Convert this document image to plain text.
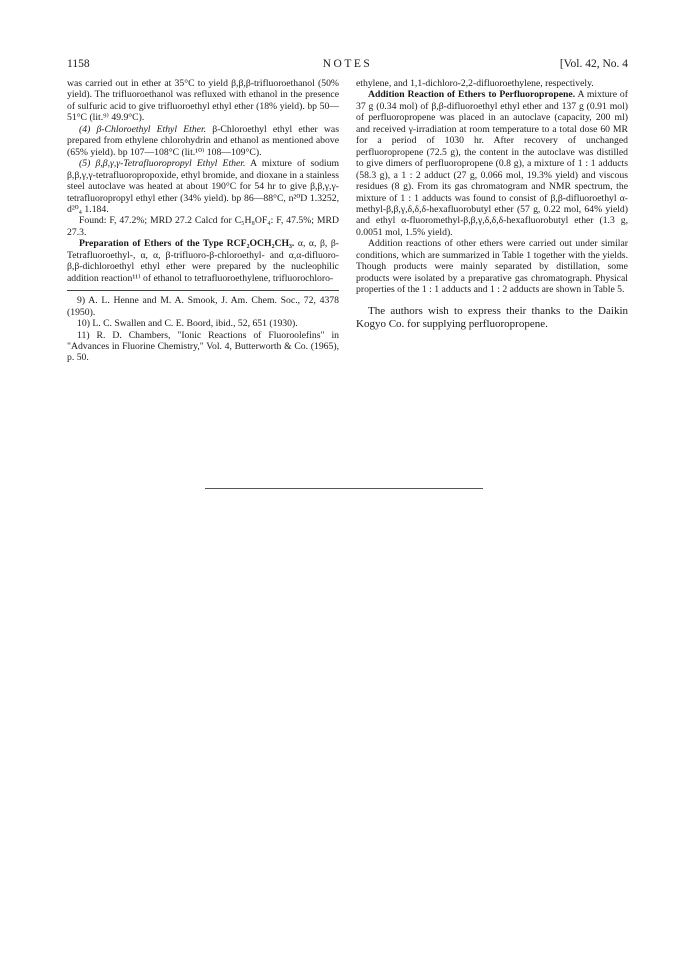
1158	NOTES	[Vol. 42, No. 4

was carried out in ether at 35°C to yield β,β,β-trifluoroethanol (50% yield). The trifluoroethanol was refluxed with ethanol in the presence of sulfuric acid to give trifluoroethyl ethyl ether (18% yield). bp 50—51°C (lit.⁹⁾ 49.9°C).

(4) β-Chloroethyl Ethyl Ether. β-Chloroethyl ethyl ether was prepared from ethylene chlorohydrin and ethanol as mentioned above (65% yield). bp 107—108°C (lit.¹⁰⁾ 108—109°C).

(5) β,β,γ,γ-Tetrafluoropropyl Ethyl Ether. A mixture of sodium β,β,γ,γ-tetrafluoropropoxide, ethyl bromide, and dioxane in a stainless steel autoclave was heated at about 190°C for 54 hr to give β,β,γ,γ-tetrafluoropropyl ethyl ether (34% yield). bp 86—88°C, n²⁰D 1.3252, d²⁰₄ 1.184.

Found: F, 47.2%; MRD 27.2 Calcd for C₅H₈OF₄: F, 47.5%; MRD 27.3.

Preparation of Ethers of the Type RCF₂OCH₂CH₃. α, α, β, β-Tetrafluoroethyl-, α, α, β-trifluoro-β-chloroethyl- and α,α-difluoro-β,β-dichloroethyl ethyl ether were prepared by the nucleophilic addition reaction¹¹⁾ of ethanol to tetrafluoroethylene, trifluorochloro-

9) A. L. Henne and M. A. Smook, J. Am. Chem. Soc., 72, 4378 (1950).

10) L. C. Swallen and C. E. Boord, ibid., 52, 651 (1930).

11) R. D. Chambers, "Ionic Reactions of Fluoroolefins" in "Advances in Fluorine Chemistry," Vol. 4, Butterworth & Co. (1965), p. 50.

ethylene, and 1,1-dichloro-2,2-difluoroethylene, respectively.

Addition Reaction of Ethers to Perfluoropropene. A mixture of 37 g (0.34 mol) of β,β-difluoroethyl ethyl ether and 137 g (0.91 mol) of perfluoropropene was placed in an autoclave (capacity, 200 ml) and received γ-irradiation at room temperature to a total dose 60 MR for a period of 1030 hr. After recovery of unchanged perfluoropropene (72.5 g), the content in the autoclave was distilled to give dimers of perfluoropropene (0.8 g), a mixture of 1 : 1 adducts (58.3 g), a 1 : 2 adduct (27 g, 0.066 mol, 19.3% yield) and viscous residues (8 g). From its gas chromatogram and NMR spectrum, the mixture of 1 : 1 adducts was found to consist of β,β-difluoroethyl α-methyl-β,β,γ,δ,δ,δ-hexafluorobutyl ether (57 g, 0.22 mol, 64% yield) and ethyl α-fluoromethyl-β,β,γ,δ,δ,δ-hexafluorobutyl ether (1.3 g, 0.0051 mol, 1.5% yield).

Addition reactions of other ethers were carried out under similar conditions, which are summarized in Table 1 together with the yields. Though products were mainly separated by distillation, some products were isolated by a preparative gas chromatograph. Physical properties of the 1 : 1 adducts and 1 : 2 adducts are shown in Table 5.

The authors wish to express their thanks to the Daikin Kogyo Co. for supplying perfluoropropene.
